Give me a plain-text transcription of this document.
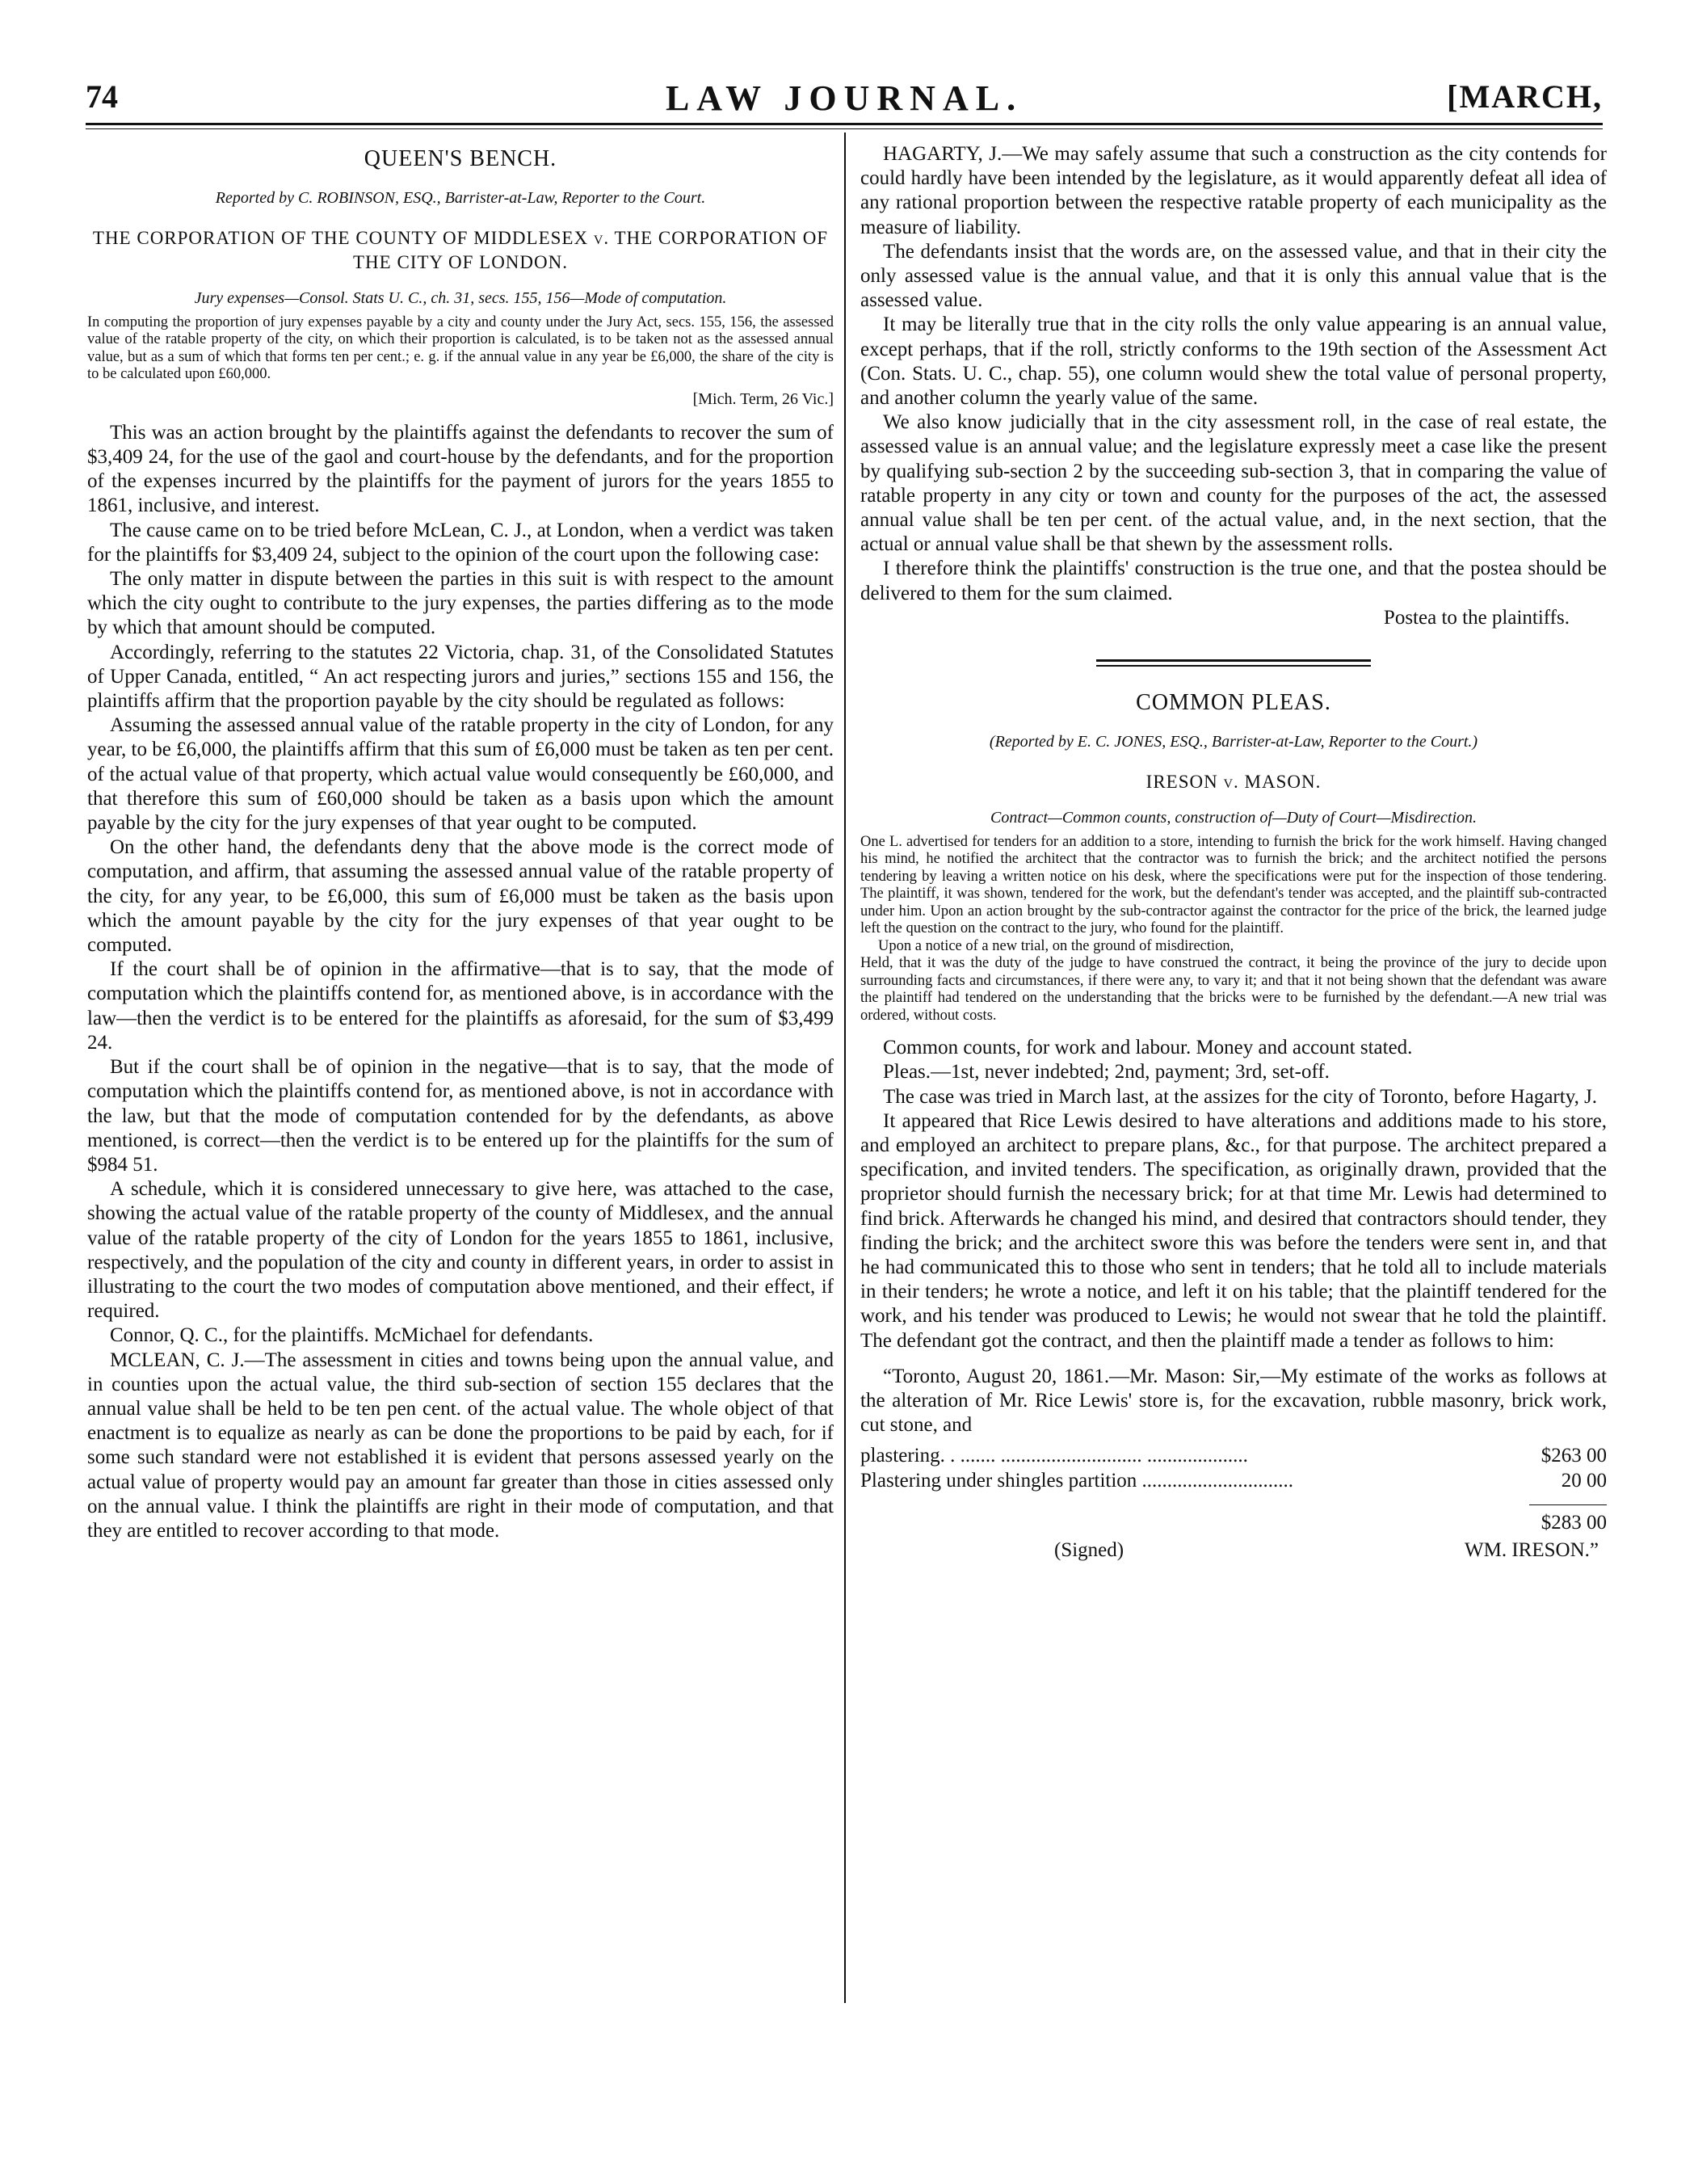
74	LAW JOURNAL.	[MARCH,
QUEEN'S BENCH.
Reported by C. ROBINSON, ESQ., Barrister-at-Law, Reporter to the Court.
THE CORPORATION OF THE COUNTY OF MIDDLESEX v. THE CORPORATION OF THE CITY OF LONDON.
Jury expenses—Consol. Stats U. C., ch. 31, secs. 155, 156—Mode of computation.

In computing the proportion of jury expenses payable by a city and county under the Jury Act, secs. 155, 156, the assessed value of the ratable property of the city, on which their proportion is calculated, is to be taken not as the assessed annual value, but as a sum of which that forms ten per cent.; e. g. if the annual value in any year be £6,000, the share of the city is to be calculated upon £60,000.

[Mich. Term, 26 Vic.]

This was an action brought by the plaintiffs against the defendants to recover the sum of $3,409 24, for the use of the gaol and court-house by the defendants, and for the proportion of the expenses incurred by the plaintiffs for the payment of jurors for the years 1855 to 1861, inclusive, and interest.

The cause came on to be tried before McLean, C. J., at London, when a verdict was taken for the plaintiffs for $3,409 24, subject to the opinion of the court upon the following case:

The only matter in dispute between the parties in this suit is with respect to the amount which the city ought to contribute to the jury expenses, the parties differing as to the mode by which that amount should be computed.

Accordingly, referring to the statutes 22 Victoria, chap. 31, of the Consolidated Statutes of Upper Canada, entitled, “ An act respecting jurors and juries,” sections 155 and 156, the plaintiffs affirm that the proportion payable by the city should be regulated as follows:

Assuming the assessed annual value of the ratable property in the city of London, for any year, to be £6,000, the plaintiffs affirm that this sum of £6,000 must be taken as ten per cent. of the actual value of that property, which actual value would consequently be £60,000, and that therefore this sum of £60,000 should be taken as a basis upon which the amount payable by the city for the jury expenses of that year ought to be computed.

On the other hand, the defendants deny that the above mode is the correct mode of computation, and affirm, that assuming the assessed annual value of the ratable property of the city, for any year, to be £6,000, this sum of £6,000 must be taken as the basis upon which the amount payable by the city for the jury expenses of that year ought to be computed.

If the court shall be of opinion in the affirmative—that is to say, that the mode of computation which the plaintiffs contend for, as mentioned above, is in accordance with the law—then the verdict is to be entered for the plaintiffs as aforesaid, for the sum of $3,499 24.

But if the court shall be of opinion in the negative—that is to say, that the mode of computation which the plaintiffs contend for, as mentioned above, is not in accordance with the law, but that the mode of computation contended for by the defendants, as above mentioned, is correct—then the verdict is to be entered up for the plaintiffs for the sum of $984 51.

A schedule, which it is considered unnecessary to give here, was attached to the case, showing the actual value of the ratable property of the county of Middlesex, and the annual value of the ratable property of the city of London for the years 1855 to 1861, inclusive, respectively, and the population of the city and county in different years, in order to assist in illustrating to the court the two modes of computation above mentioned, and their effect, if required.

Connor, Q. C., for the plaintiffs. McMichael for defendants.

MCLEAN, C. J.—The assessment in cities and towns being upon the annual value, and in counties upon the actual value, the third sub-section of section 155 declares that the annual value shall be held to be ten pen cent. of the actual value. The whole object of that enactment is to equalize as nearly as can be done the proportions to be paid by each, for if some such standard were not established it is evident that persons assessed yearly on the actual value of property would pay an amount far greater than those in cities assessed only on the annual value. I think the plaintiffs are right in their mode of computation, and that they are entitled to recover according to that mode.

HAGARTY, J.—We may safely assume that such a construction as the city contends for could hardly have been intended by the legislature, as it would apparently defeat all idea of any rational proportion between the respective ratable property of each municipality as the measure of liability.

The defendants insist that the words are, on the assessed value, and that in their city the only assessed value is the annual value, and that it is only this annual value that is the assessed value.

It may be literally true that in the city rolls the only value appearing is an annual value, except perhaps, that if the roll, strictly conforms to the 19th section of the Assessment Act (Con. Stats. U. C., chap. 55), one column would shew the total value of personal property, and another column the yearly value of the same.

We also know judicially that in the city assessment roll, in the case of real estate, the assessed value is an annual value; and the legislature expressly meet a case like the present by qualifying sub-section 2 by the succeeding sub-section 3, that in comparing the value of ratable property in any city or town and county for the purposes of the act, the assessed annual value shall be ten per cent. of the actual value, and, in the next section, that the actual or annual value shall be that shewn by the assessment rolls.

I therefore think the plaintiffs' construction is the true one, and that the postea should be delivered to them for the sum claimed.

Postea to the plaintiffs.
COMMON PLEAS.
(Reported by E. C. JONES, ESQ., Barrister-at-Law, Reporter to the Court.)
IRESON v. MASON.
Contract—Common counts, construction of—Duty of Court—Misdirection.

One L. advertised for tenders for an addition to a store, intending to furnish the brick for the work himself. Having changed his mind, he notified the architect that the contractor was to furnish the brick; and the architect notified the persons tendering by leaving a written notice on his desk, where the specifications were put for the inspection of those tendering. The plaintiff, it was shown, tendered for the work, but the defendant's tender was accepted, and the plaintiff sub-contracted under him. Upon an action brought by the sub-contractor against the contractor for the price of the brick, the learned judge left the question on the contract to the jury, who found for the plaintiff.

Upon a notice of a new trial, on the ground of misdirection,

Held, that it was the duty of the judge to have construed the contract, it being the province of the jury to decide upon surrounding facts and circumstances, if there were any, to vary it; and that it not being shown that the defendant was aware the plaintiff had tendered on the understanding that the bricks were to be furnished by the defendant.—A new trial was ordered, without costs.

Common counts, for work and labour. Money and account stated.

Pleas.—1st, never indebted; 2nd, payment; 3rd, set-off.

The case was tried in March last, at the assizes for the city of Toronto, before Hagarty, J.

It appeared that Rice Lewis desired to have alterations and additions made to his store, and employed an architect to prepare plans, &c., for that purpose. The architect prepared a specification, and invited tenders. The specification, as originally drawn, provided that the proprietor should furnish the necessary brick; for at that time Mr. Lewis had determined to find brick. Afterwards he changed his mind, and desired that contractors should tender, they finding the brick; and the architect swore this was before the tenders were sent in, and that he had communicated this to those who sent in tenders; that he told all to include materials in their tenders; he wrote a notice, and left it on his table; that the plaintiff tendered for the work, and his tender was produced to Lewis; he would not swear that he told the plaintiff. The defendant got the contract, and then the plaintiff made a tender as follows to him:

“Toronto, August 20, 1861.—Mr. Mason: Sir,—My estimate of the works as follows at the alteration of Mr. Rice Lewis' store is, for the excavation, rubble masonry, brick work, cut stone, and

plastering. . ....... ............................ ....................	$263 00
Plastering under shingles partition ..............................	20 00
$283 00
(Signed)	WM. IRESON.”
